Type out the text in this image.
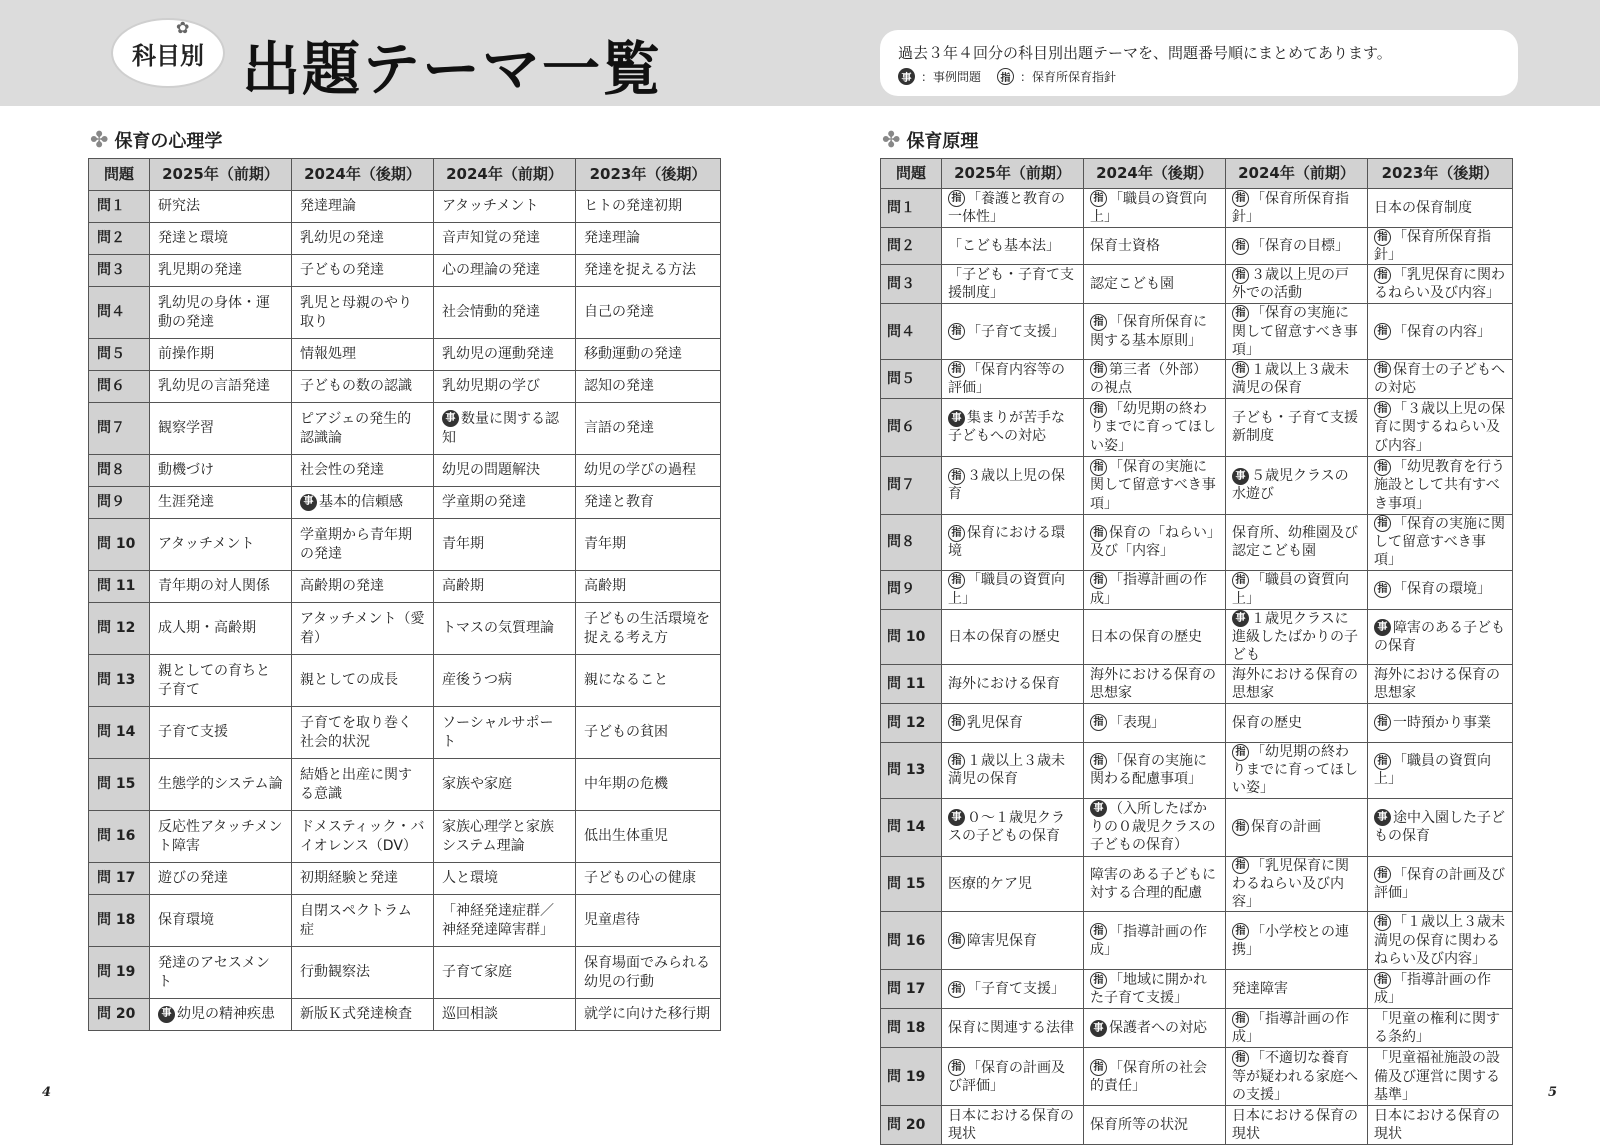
科目別
✿
出題テーマ一覧	過去３年４回分の科目別出題テーマを、問題番号順にまとめてあります。
事 ：事例問題	指 ：保育所保育指針
✤ 保育の心理学	✤ 保育原理
問題	2025年（前期）	2024年（後期）	2024年（前期）	2023年（後期）
問１	研究法	発達理論	アタッチメント	ヒトの発達初期
問２	発達と環境	乳幼児の発達	音声知覚の発達	発達理論
問３	乳児期の発達	子どもの発達	心の理論の発達	発達を捉える方法
問４	乳幼児の身体・運動の発達	乳児と母親のやり取り	社会情動的発達	自己の発達
問５	前操作期	情報処理	乳幼児の運動発達	移動運動の発達
問６	乳幼児の言語発達	子どもの数の認識	乳幼児期の学び	認知の発達
問７	観察学習	ピアジェの発生的認識論	事 数量に関する認知	言語の発達
問８	動機づけ	社会性の発達	幼児の問題解決	幼児の学びの過程
問９	生涯発達	事 基本的信頼感	学童期の発達	発達と教育
問 10	アタッチメント	学童期から青年期の発達	青年期	青年期
問 11	青年期の対人関係	高齢期の発達	高齢期	高齢期
問 12	成人期・高齢期	アタッチメント（愛着）	トマスの気質理論	子どもの生活環境を捉える考え方
問 13	親としての育ちと子育て	親としての成長	産後うつ病	親になること
問 14	子育て支援	子育てを取り巻く社会的状況	ソーシャルサポート	子どもの貧困
問 15	生態学的システム論	結婚と出産に関する意識	家族や家庭	中年期の危機
問 16	反応性アタッチメント障害	ドメスティック・バイオレンス（DV）	家族心理学と家族システム理論	低出生体重児
問 17	遊びの発達	初期経験と発達	人と環境	子どもの心の健康
問 18	保育環境	自閉スペクトラム症	「神経発達症群／神経発達障害群」	児童虐待
問 19	発達のアセスメント	行動観察法	子育て家庭	保育場面でみられる幼児の行動
問 20	事 幼児の精神疾患	新版Ｋ式発達検査	巡回相談	就学に向けた移行期
問題	2025年（前期）	2024年（後期）	2024年（前期）	2023年（後期）
問１	指 「養護と教育の一体性」	指 「職員の資質向上」	指 「保育所保育指針」	日本の保育制度
問２	「こども基本法」	保育士資格	指 「保育の目標」	指 「保育所保育指針」
問３	「子ども・子育て支援制度」	認定こども園	指 ３歳以上児の戸外での活動	指 「乳児保育に関わるねらい及び内容」
問４	指 「子育て支援」	指 「保育所保育に関する基本原則」	指 「保育の実施に関して留意すべき事項」	指 「保育の内容」
問５	指 「保育内容等の評価」	指 第三者（外部）の視点	指 １歳以上３歳未満児の保育	指 保育士の子どもへの対応
問６	事 集まりが苦手な子どもへの対応	指 「幼児期の終わりまでに育ってほしい姿」	子ども・子育て支援新制度	指 「３歳以上児の保育に関するねらい及び内容」
問７	指 ３歳以上児の保育	指 「保育の実施に関して留意すべき事項」	事 ５歳児クラスの水遊び	指 「幼児教育を行う施設として共有すべき事項」
問８	指 保育における環境	指 保育の「ねらい」及び「内容」	保育所、幼稚園及び認定こども園	指 「保育の実施に関して留意すべき事項」
問９	指 「職員の資質向上」	指 「指導計画の作成」	指 「職員の資質向上」	指 「保育の環境」
問 10	日本の保育の歴史	日本の保育の歴史	事 １歳児クラスに進級したばかりの子ども	事 障害のある子どもの保育
問 11	海外における保育	海外における保育の思想家	海外における保育の思想家	海外における保育の思想家
問 12	指 乳児保育	指 「表現」	保育の歴史	指 一時預かり事業
問 13	指 １歳以上３歳未満児の保育	指 「保育の実施に関わる配慮事項」	指 「幼児期の終わりまでに育ってほしい姿」	指 「職員の資質向上」
問 14	事 ０～１歳児クラスの子どもの保育	事 （入所したばかりの０歳児クラスの子どもの保育）	指 保育の計画	事 途中入園した子どもの保育
問 15	医療的ケア児	障害のある子どもに対する合理的配慮	指 「乳児保育に関わるねらい及び内容」	指 「保育の計画及び評価」
問 16	指 障害児保育	指 「指導計画の作成」	指 「小学校との連携」	指 「１歳以上３歳未満児の保育に関わるねらい及び内容」
問 17	指 「子育て支援」	指 「地域に開かれた子育て支援」	発達障害	指 「指導計画の作成」
問 18	保育に関連する法律	事 保護者への対応	指 「指導計画の作成」	「児童の権利に関する条約」
問 19	指 「保育の計画及び評価」	指 「保育所の社会的責任」	指 「不適切な養育等が疑われる家庭への支援」	「児童福祉施設の設備及び運営に関する基準」
問 20	日本における保育の現状	保育所等の状況	日本における保育の現状	日本における保育の現状
4	5
